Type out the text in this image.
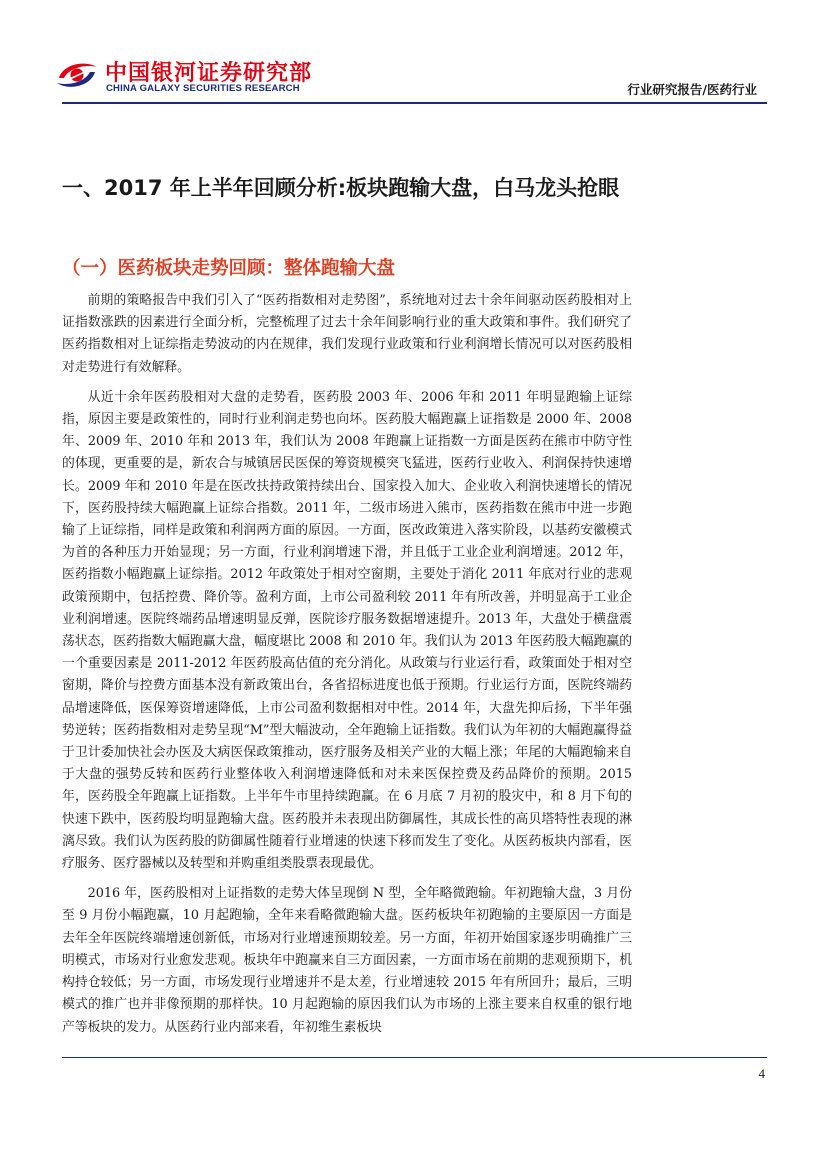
中国银河证券研究部
CHINA GALAXY SECURITIES RESEARCH	行业研究报告/医药行业
一、2017 年上半年回顾分析:板块跑输大盘，白马龙头抢眼
（一）医药板块走势回顾：整体跑输大盘

前期的策略报告中我们引入了“医药指数相对走势图”，系统地对过去十余年间驱动医药股相对上证指数涨跌的因素进行全面分析，完整梳理了过去十余年间影响行业的重大政策和事件。我们研究了医药指数相对上证综指走势波动的内在规律，我们发现行业政策和行业利润增长情况可以对医药股相对走势进行有效解释。

从近十余年医药股相对大盘的走势看，医药股 2003 年、2006 年和 2011 年明显跑输上证综指，原因主要是政策性的，同时行业利润走势也向坏。医药股大幅跑赢上证指数是 2000 年、2008 年、2009 年、2010 年和 2013 年，我们认为 2008 年跑赢上证指数一方面是医药在熊市中防守性的体现，更重要的是，新农合与城镇居民医保的筹资规模突飞猛进，医药行业收入、利润保持快速增长。2009 年和 2010 年是在医改扶持政策持续出台、国家投入加大、企业收入利润快速增长的情况下，医药股持续大幅跑赢上证综合指数。2011 年，二级市场进入熊市，医药指数在熊市中进一步跑输了上证综指，同样是政策和利润两方面的原因。一方面，医改政策进入落实阶段，以基药安徽模式为首的各种压力开始显现；另一方面，行业利润增速下滑，并且低于工业企业利润增速。2012 年，医药指数小幅跑赢上证综指。2012 年政策处于相对空窗期，主要处于消化 2011 年底对行业的悲观政策预期中，包括控费、降价等。盈利方面，上市公司盈利较 2011 年有所改善，并明显高于工业企业利润增速。医院终端药品增速明显反弹，医院诊疗服务数据增速提升。2013 年，大盘处于横盘震荡状态，医药指数大幅跑赢大盘，幅度堪比 2008 和 2010 年。我们认为 2013 年医药股大幅跑赢的一个重要因素是 2011-2012 年医药股高估值的充分消化。从政策与行业运行看，政策面处于相对空窗期，降价与控费方面基本没有新政策出台，各省招标进度也低于预期。行业运行方面，医院终端药品增速降低，医保筹资增速降低，上市公司盈利数据相对中性。2014 年，大盘先抑后扬，下半年强势逆转；医药指数相对走势呈现“M”型大幅波动，全年跑输上证指数。我们认为年初的大幅跑赢得益于卫计委加快社会办医及大病医保政策推动，医疗服务及相关产业的大幅上涨；年尾的大幅跑输来自于大盘的强势反转和医药行业整体收入利润增速降低和对未来医保控费及药品降价的预期。2015 年，医药股全年跑赢上证指数。上半年牛市里持续跑赢。在 6 月底 7 月初的股灾中，和 8 月下旬的快速下跌中，医药股均明显跑输大盘。医药股并未表现出防御属性，其成长性的高贝塔特性表现的淋漓尽致。我们认为医药股的防御属性随着行业增速的快速下移而发生了变化。从医药板块内部看，医疗服务、医疗器械以及转型和并购重组类股票表现最优。

2016 年，医药股相对上证指数的走势大体呈现倒 N 型，全年略微跑输。年初跑输大盘，3 月份至 9 月份小幅跑赢，10 月起跑输，全年来看略微跑输大盘。医药板块年初跑输的主要原因一方面是去年全年医院终端增速创新低，市场对行业增速预期较差。另一方面，年初开始国家逐步明确推广三明模式，市场对行业愈发悲观。板块年中跑赢来自三方面因素，一方面市场在前期的悲观预期下，机构持仓较低；另一方面，市场发现行业增速并不是太差，行业增速较 2015 年有所回升；最后，三明模式的推广也并非像预期的那样快。10 月起跑输的原因我们认为市场的上涨主要来自权重的银行地产等板块的发力。从医药行业内部来看，年初维生素板块

4
